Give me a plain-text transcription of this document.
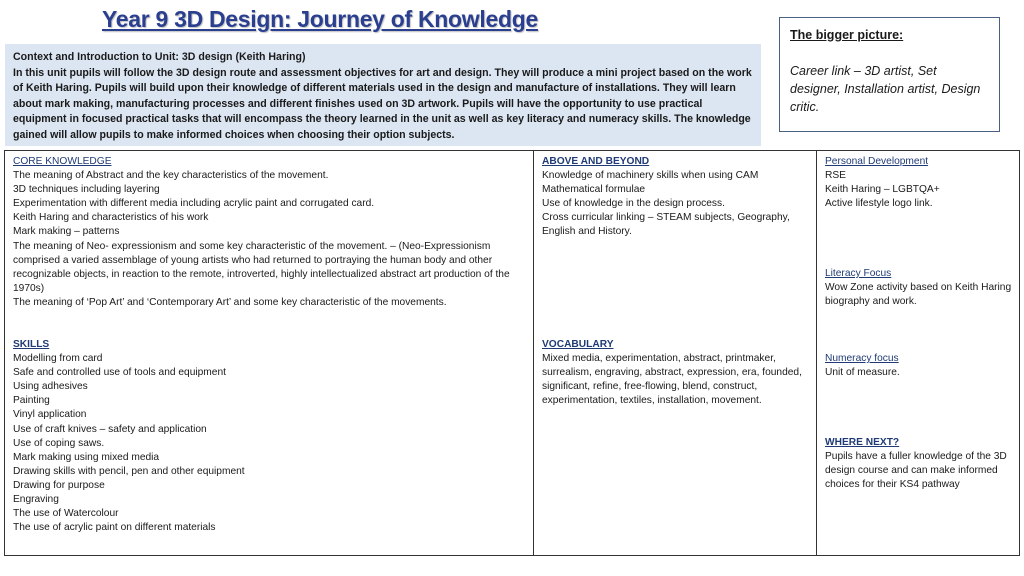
Year 9 3D Design: Journey of Knowledge

Context and Introduction to Unit: 3D design (Keith Haring)

In this unit pupils will follow the 3D design route and assessment objectives for art and design. They will produce a mini project based on the work of Keith Haring. Pupils will build upon their knowledge of different materials used in the design and manufacture of installations. They will learn about mark making, manufacturing processes and different finishes used on 3D artwork. Pupils will have the opportunity to use practical equipment in focused practical tasks that will encompass the theory learned in the unit as well as key literacy and numeracy skills. The knowledge gained will allow pupils to make informed choices when choosing their option subjects.

The bigger picture:
Career link – 3D artist, Set designer, Installation artist, Design critic.
CORE KNOWLEDGE
The meaning of Abstract and the key characteristics of the movement.
3D techniques including layering
Experimentation with different media including acrylic paint and corrugated card.
Keith Haring and characteristics of his work
Mark making – patterns
The meaning of Neo- expressionism and some key characteristic of the movement. – (Neo-Expressionism comprised a varied assemblage of young artists who had returned to portraying the human body and other recognizable objects, in reaction to the remote, introverted, highly intellectualized abstract art production of the 1970s)
The meaning of ‘Pop Art’ and ‘Contemporary Art’ and some key characteristic of the movements.
SKILLS
Modelling from card
Safe and controlled use of tools and equipment
Using adhesives
Painting
Vinyl application
Use of craft knives – safety and application
Use of coping saws.
Mark making using mixed media
Drawing skills with pencil, pen and other equipment
Drawing for purpose
Engraving
The use of Watercolour
The use of acrylic paint on different materials
ABOVE AND BEYOND
Knowledge of machinery skills when using CAM
Mathematical formulae
Use of knowledge in the design process.
Cross curricular linking – STEAM subjects, Geography, English and History.
VOCABULARY
Mixed media, experimentation, abstract, printmaker, surrealism, engraving, abstract, expression, era, founded, significant, refine, free-flowing, blend, construct, experimentation, textiles, installation, movement.
Personal Development
RSE
Keith Haring – LGBTQA+
Active lifestyle logo link.
Literacy Focus
Wow Zone activity based on Keith Haring biography and work.
Numeracy focus
Unit of measure.
WHERE NEXT?
Pupils have a fuller knowledge of the 3D design course and can make informed choices for their KS4 pathway
